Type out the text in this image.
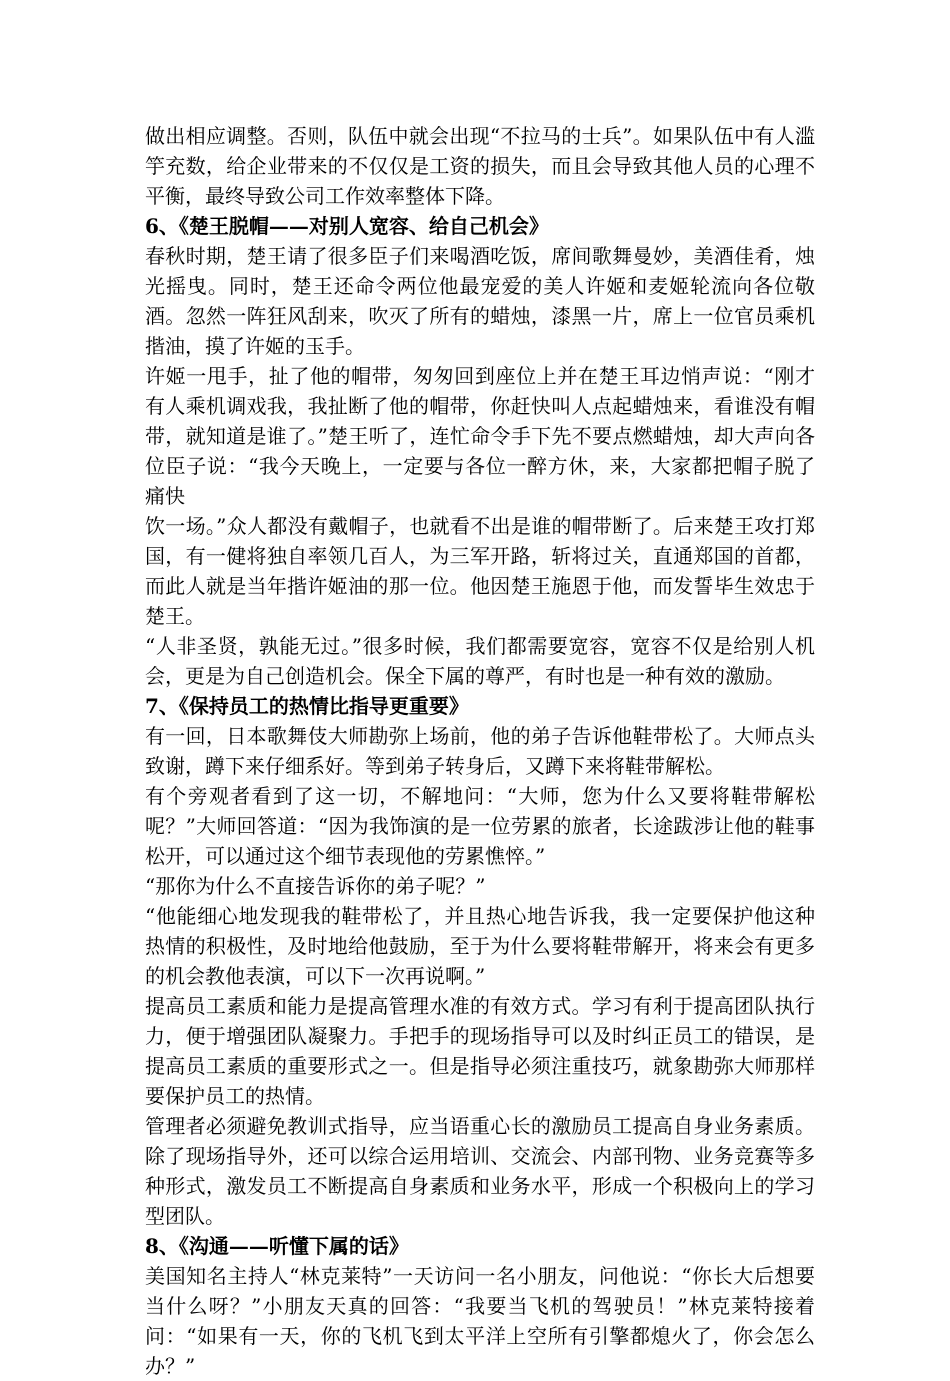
做出相应调整。否则，队伍中就会出现“不拉马的士兵”。如果队伍中有人滥竽充数，给企业带来的不仅仅是工资的损失，而且会导致其他人员的心理不平衡，最终导致公司工作效率整体下降。

6、《楚王脱帽——对别人宽容、给自己机会》

春秋时期，楚王请了很多臣子们来喝酒吃饭，席间歌舞曼妙，美酒佳肴，烛光摇曳。同时，楚王还命令两位他最宠爱的美人许姬和麦姬轮流向各位敬酒。忽然一阵狂风刮来，吹灭了所有的蜡烛，漆黑一片，席上一位官员乘机揩油，摸了许姬的玉手。

许姬一甩手，扯了他的帽带，匆匆回到座位上并在楚王耳边悄声说：“刚才有人乘机调戏我，我扯断了他的帽带，你赶快叫人点起蜡烛来，看谁没有帽带，就知道是谁了。”楚王听了，连忙命令手下先不要点燃蜡烛，却大声向各位臣子说：“我今天晚上，一定要与各位一醉方休，来，大家都把帽子脱了痛快

饮一场。”众人都没有戴帽子，也就看不出是谁的帽带断了。后来楚王攻打郑国，有一健将独自率领几百人，为三军开路，斩将过关，直通郑国的首都，而此人就是当年揩许姬油的那一位。他因楚王施恩于他，而发誓毕生效忠于楚王。

“人非圣贤，孰能无过。”很多时候，我们都需要宽容，宽容不仅是给别人机会，更是为自己创造机会。保全下属的尊严，有时也是一种有效的激励。

7、《保持员工的热情比指导更重要》

有一回，日本歌舞伎大师勘弥上场前，他的弟子告诉他鞋带松了。大师点头致谢，蹲下来仔细系好。等到弟子转身后，又蹲下来将鞋带解松。

有个旁观者看到了这一切，不解地问：“大师，您为什么又要将鞋带解松呢？”大师回答道：“因为我饰演的是一位劳累的旅者，长途跋涉让他的鞋事松开，可以通过这个细节表现他的劳累憔悴。”

“那你为什么不直接告诉你的弟子呢？”

“他能细心地发现我的鞋带松了，并且热心地告诉我，我一定要保护他这种热情的积极性，及时地给他鼓励，至于为什么要将鞋带解开，将来会有更多的机会教他表演，可以下一次再说啊。”

提高员工素质和能力是提高管理水准的有效方式。学习有利于提高团队执行力，便于增强团队凝聚力。手把手的现场指导可以及时纠正员工的错误，是提高员工素质的重要形式之一。但是指导必须注重技巧，就象勘弥大师那样要保护员工的热情。

管理者必须避免教训式指导，应当语重心长的激励员工提高自身业务素质。除了现场指导外，还可以综合运用培训、交流会、内部刊物、业务竞赛等多种形式，激发员工不断提高自身素质和业务水平，形成一个积极向上的学习型团队。

8、《沟通——听懂下属的话》

美国知名主持人“林克莱特”一天访问一名小朋友，问他说：“你长大后想要当什么呀？”小朋友天真的回答：“我要当飞机的驾驶员！”林克莱特接着问：“如果有一天，你的飞机飞到太平洋上空所有引擎都熄火了，你会怎么办？”
